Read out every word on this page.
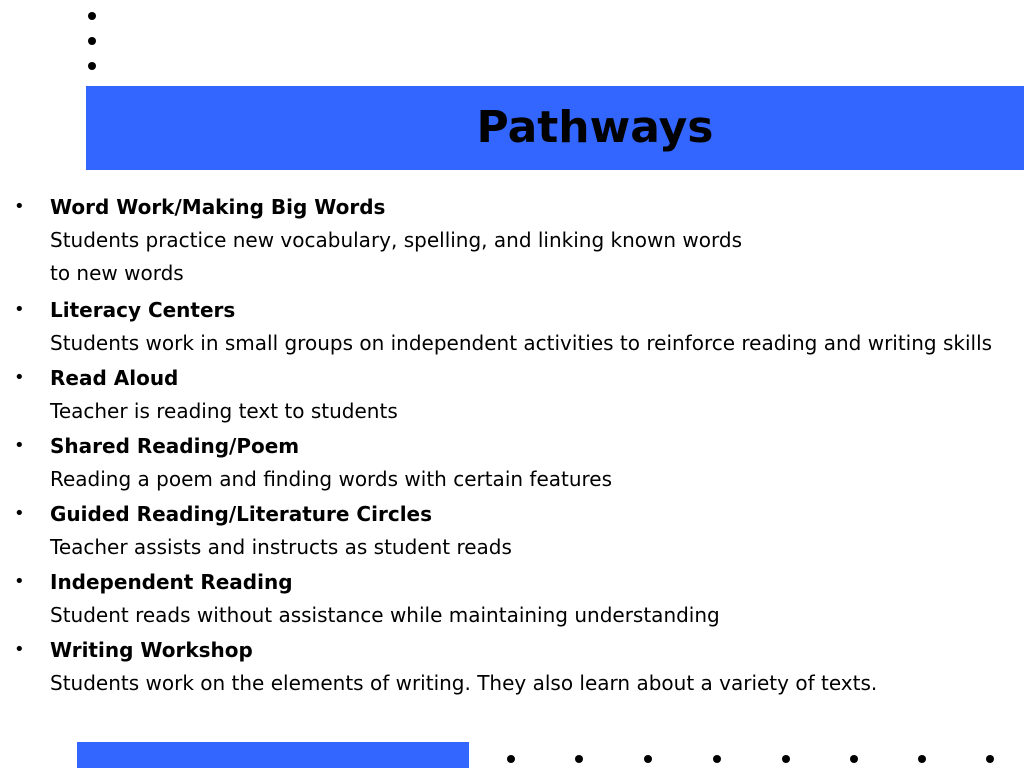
Pathways
• Word Work/Making Big Words

Students practice new vocabulary, spelling, and linking known words

to new words

• Literacy Centers

Students work in small groups on independent activities to reinforce reading and writing skills

• Read Aloud

Teacher is reading text to students

• Shared Reading/Poem

Reading a poem and finding words with certain features

• Guided Reading/Literature Circles

Teacher assists and instructs as student reads

• Independent Reading

Student reads without assistance while maintaining understanding

• Writing Workshop

Students work on the elements of writing. They also learn about a variety of texts.
